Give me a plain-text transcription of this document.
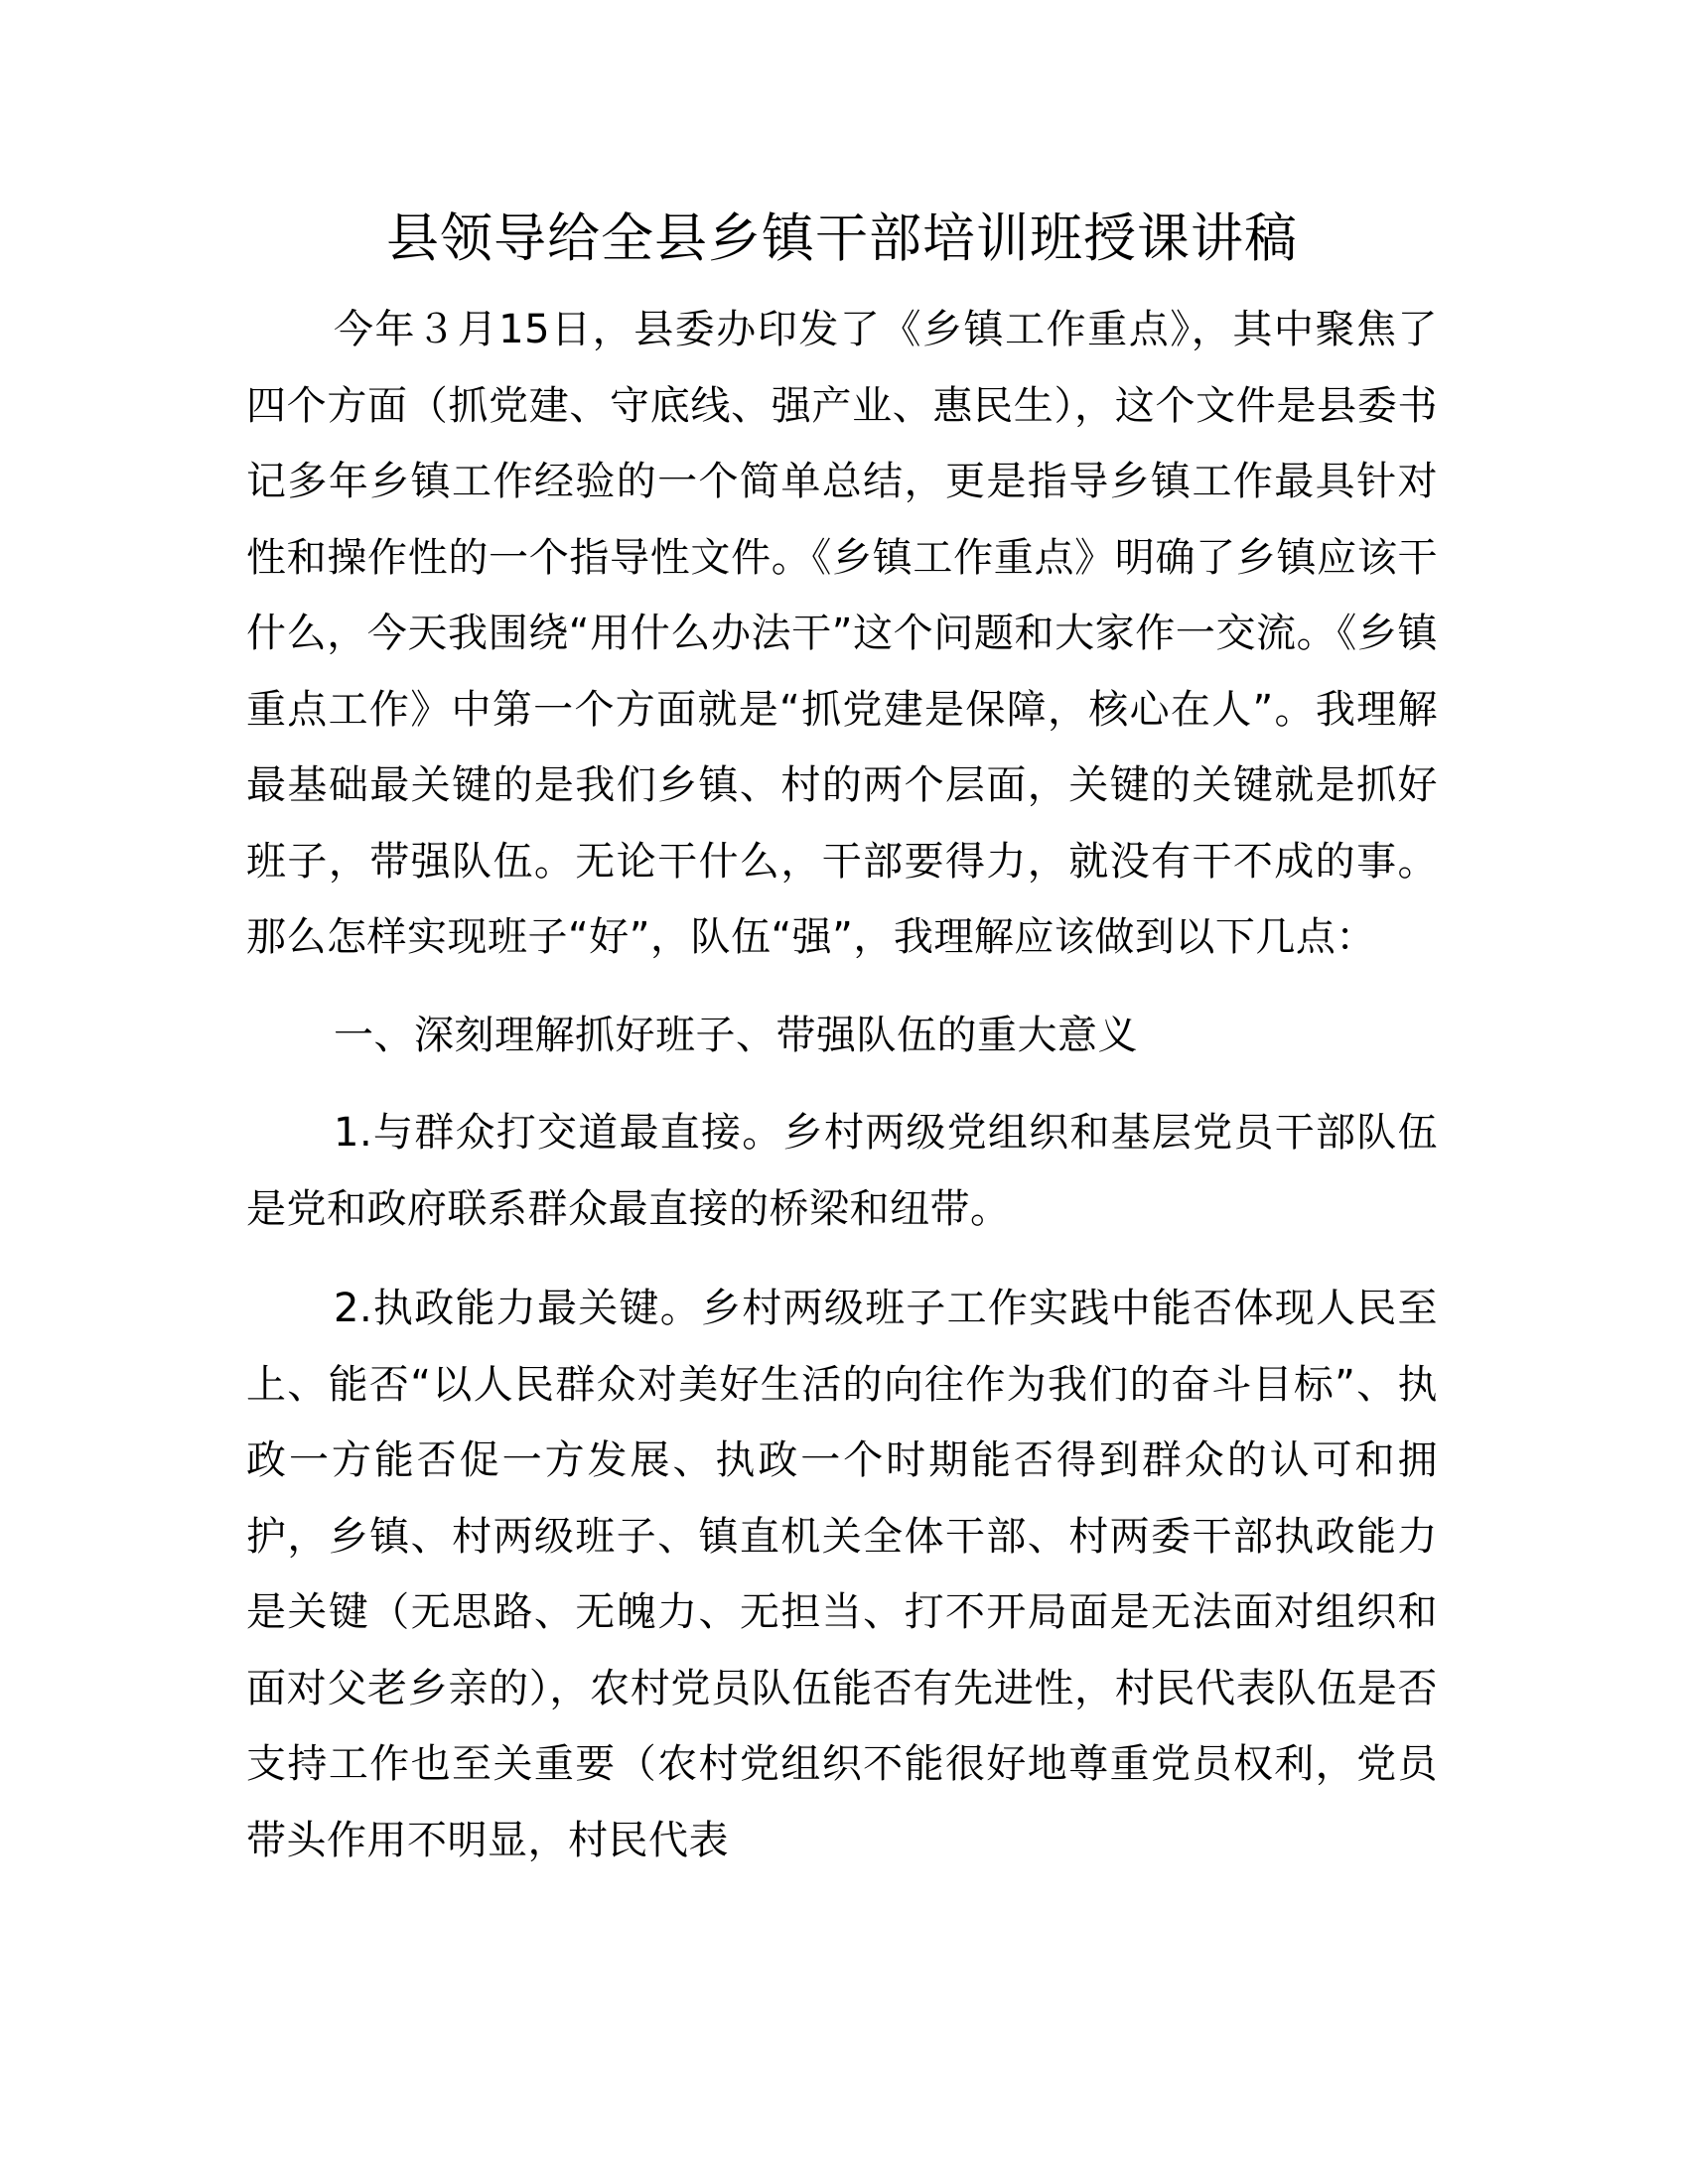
县领导给全县乡镇干部培训班授课讲稿

今年３月15日，县委办印发了《乡镇工作重点》，其中聚焦了四个方面（抓党建、守底线、强产业、惠民生），这个文件是县委书记多年乡镇工作经验的一个简单总结，更是指导乡镇工作最具针对性和操作性的一个指导性文件。《乡镇工作重点》明确了乡镇应该干什么，今天我围绕“用什么办法干”这个问题和大家作一交流。《乡镇重点工作》中第一个方面就是“抓党建是保障，核心在人”。我理解最基础最关键的是我们乡镇、村的两个层面，关键的关键就是抓好班子，带强队伍。无论干什么，干部要得力，就没有干不成的事。那么怎样实现班子“好”，队伍“强”，我理解应该做到以下几点：

一、深刻理解抓好班子、带强队伍的重大意义

1.与群众打交道最直接。乡村两级党组织和基层党员干部队伍是党和政府联系群众最直接的桥梁和纽带。

2.执政能力最关键。乡村两级班子工作实践中能否体现人民至上、能否“以人民群众对美好生活的向往作为我们的奋斗目标”、执政一方能否促一方发展、执政一个时期能否得到群众的认可和拥护，乡镇、村两级班子、镇直机关全体干部、村两委干部执政能力是关键（无思路、无魄力、无担当、打不开局面是无法面对组织和面对父老乡亲的），农村党员队伍能否有先进性，村民代表队伍是否支持工作也至关重要（农村党组织不能很好地尊重党员权利，党员带头作用不明显，村民代表
